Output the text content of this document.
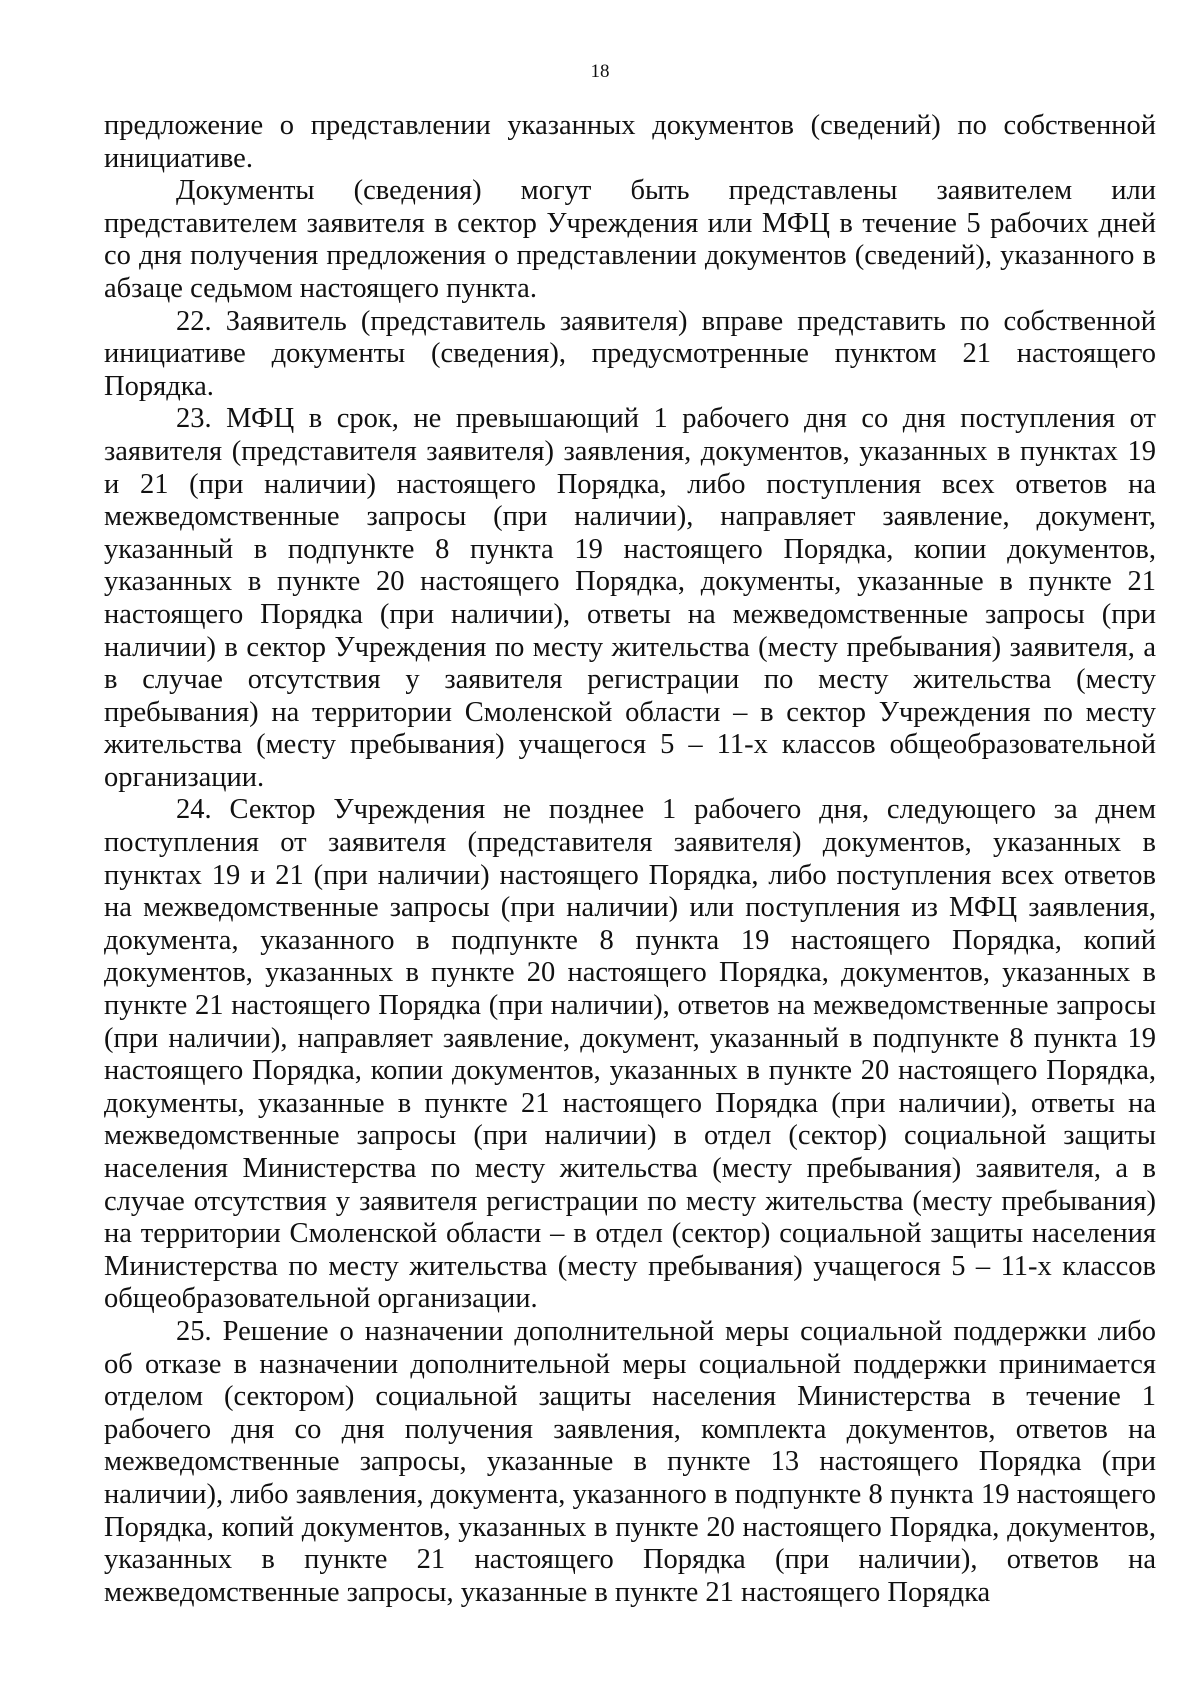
18

предложение о представлении указанных документов (сведений) по собственной инициативе.

Документы (сведения) могут быть представлены заявителем или представителем заявителя в сектор Учреждения или МФЦ в течение 5 рабочих дней со дня получения предложения о представлении документов (сведений), указанного в абзаце седьмом настоящего пункта.

22. Заявитель (представитель заявителя) вправе представить по собственной инициативе документы (сведения), предусмотренные пунктом 21 настоящего Порядка.

23. МФЦ в срок, не превышающий 1 рабочего дня со дня поступления от заявителя (представителя заявителя) заявления, документов, указанных в пунктах 19 и 21 (при наличии) настоящего Порядка, либо поступления всех ответов на межведомственные запросы (при наличии), направляет заявление, документ, указанный в подпункте 8 пункта 19 настоящего Порядка, копии документов, указанных в пункте 20 настоящего Порядка, документы, указанные в пункте 21 настоящего Порядка (при наличии), ответы на межведомственные запросы (при наличии) в сектор Учреждения по месту жительства (месту пребывания) заявителя, а в случае отсутствия у заявителя регистрации по месту жительства (месту пребывания) на территории Смоленской области – в сектор Учреждения по месту жительства (месту пребывания) учащегося 5 – 11-х классов общеобразовательной организации.

24. Сектор Учреждения не позднее 1 рабочего дня, следующего за днем поступления от заявителя (представителя заявителя) документов, указанных в пунктах 19 и 21 (при наличии) настоящего Порядка, либо поступления всех ответов на межведомственные запросы (при наличии) или поступления из МФЦ заявления, документа, указанного в подпункте 8 пункта 19 настоящего Порядка, копий документов, указанных в пункте 20 настоящего Порядка, документов, указанных в пункте 21 настоящего Порядка (при наличии), ответов на межведомственные запросы (при наличии), направляет заявление, документ, указанный в подпункте 8 пункта 19 настоящего Порядка, копии документов, указанных в пункте 20 настоящего Порядка, документы, указанные в пункте 21 настоящего Порядка (при наличии), ответы на межведомственные запросы (при наличии) в отдел (сектор) социальной защиты населения Министерства по месту жительства (месту пребывания) заявителя, а в случае отсутствия у заявителя регистрации по месту жительства (месту пребывания) на территории Смоленской области – в отдел (сектор) социальной защиты населения Министерства по месту жительства (месту пребывания) учащегося 5 – 11-х классов общеобразовательной организации.

25. Решение о назначении дополнительной меры социальной поддержки либо об отказе в назначении дополнительной меры социальной поддержки принимается отделом (сектором) социальной защиты населения Министерства в течение 1 рабочего дня со дня получения заявления, комплекта документов, ответов на межведомственные запросы, указанные в пункте 13 настоящего Порядка (при наличии), либо заявления, документа, указанного в подпункте 8 пункта 19 настоящего Порядка, копий документов, указанных в пункте 20 настоящего Порядка, документов, указанных в пункте 21 настоящего Порядка (при наличии), ответов на межведомственные запросы, указанные в пункте 21 настоящего Порядка
